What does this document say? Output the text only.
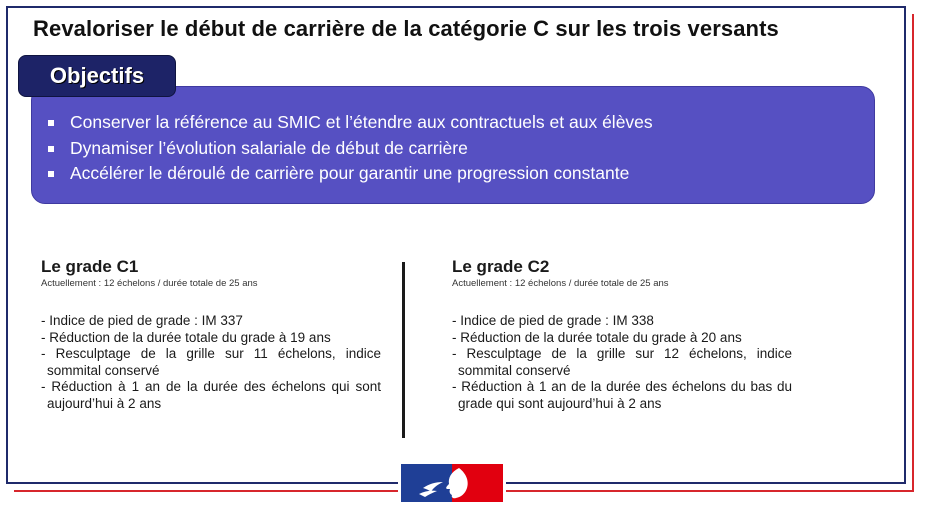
Revaloriser le début de carrière de la catégorie C sur les trois versants
Objectifs
Conserver la référence au SMIC et l’étendre aux contractuels et aux élèves
Dynamiser l’évolution salariale de début de carrière
Accélérer le déroulé de carrière pour garantir une progression constante
Le grade C1
Actuellement : 12 échelons / durée totale de 25 ans
- Indice de pied de grade : IM 337
- Réduction de la durée totale du grade à 19 ans
- Resculptage de la grille sur 11 échelons, indice sommital conservé
- Réduction à 1 an de la durée des échelons qui sont aujourd’hui à 2 ans
Le grade C2
Actuellement : 12 échelons / durée totale de 25 ans
- Indice de pied de grade : IM 338
- Réduction de la durée totale du grade à 20 ans
- Resculptage de la grille sur 12 échelons, indice sommital conservé
- Réduction à 1 an de la durée des échelons du bas du grade qui sont aujourd’hui à 2 ans
